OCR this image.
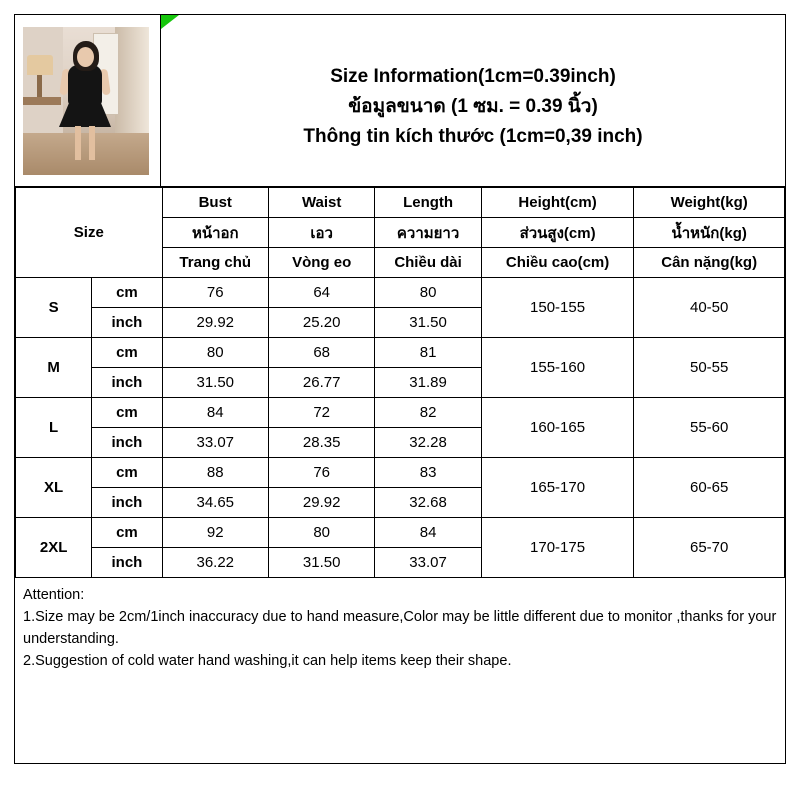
Size Information(1cm=0.39inch)
ข้อมูลขนาด (1 ซม. = 0.39 นิ้ว)
Thông tin kích thước (1cm=0,39 inch)
Size		Bust	Waist	Length	Height(cm)	Weight(kg)
		หน้าอก	เอว	ความยาว	ส่วนสูง(cm)	น้ำหนัก(kg)
		Trang chủ	Vòng eo	Chiều dài	Chiều cao(cm)	Cân nặng(kg)
S	cm	76	64	80	150-155	40-50
	inch	29.92	25.20	31.50		
M	cm	80	68	81	155-160	50-55
	inch	31.50	26.77	31.89		
L	cm	84	72	82	160-165	55-60
	inch	33.07	28.35	32.28		
XL	cm	88	76	83	165-170	60-65
	inch	34.65	29.92	32.68		
2XL	cm	92	80	84	170-175	65-70
	inch	36.22	31.50	33.07		
Attention:
1.Size may be 2cm/1inch inaccuracy due to hand measure,Color may be little different due to monitor ,thanks for your understanding.
2.Suggestion of cold water hand washing,it can help items keep their shape.
